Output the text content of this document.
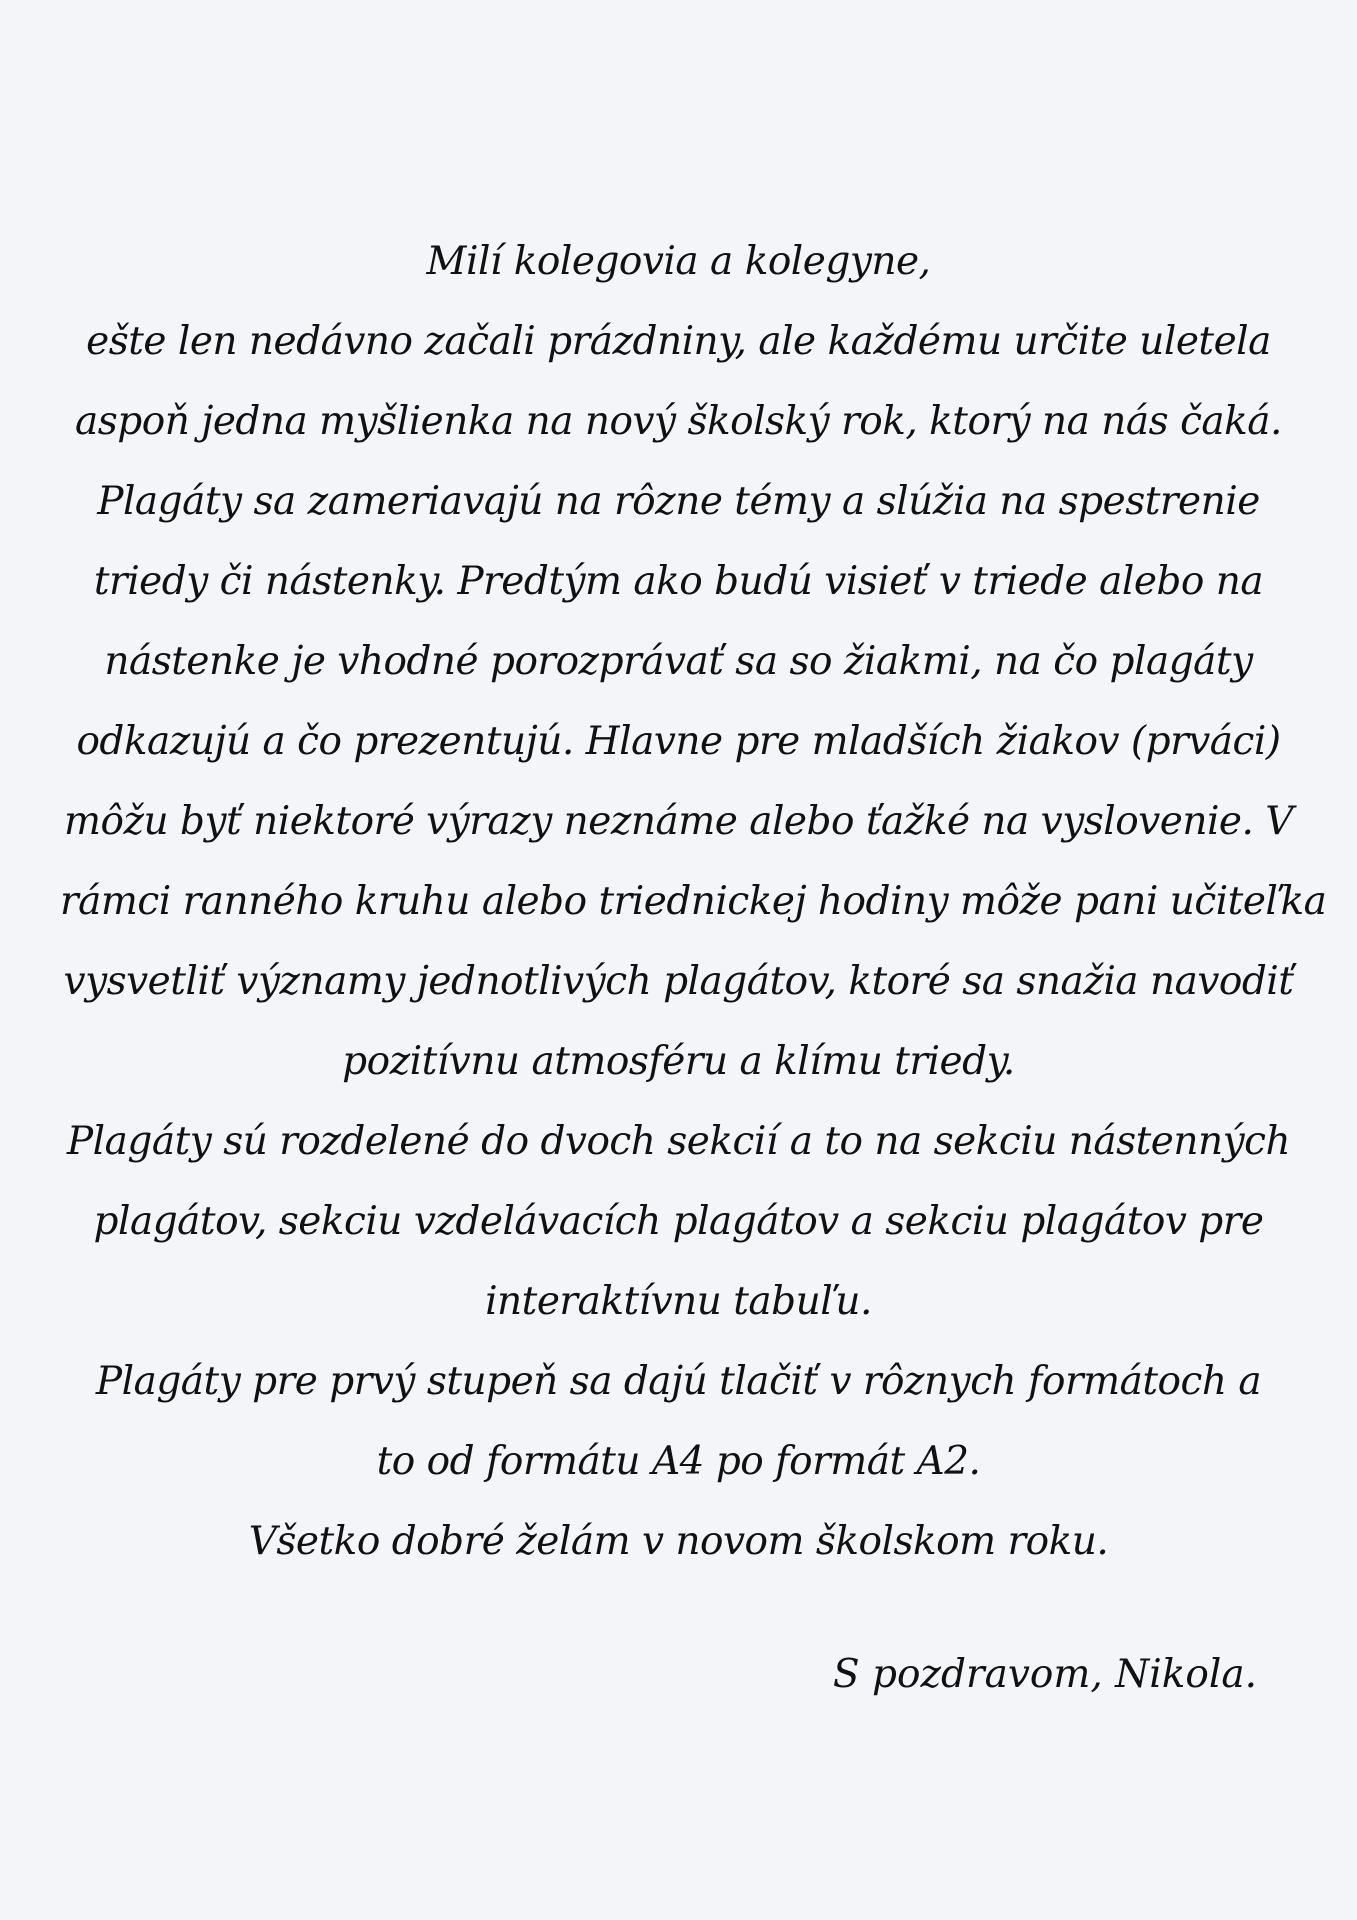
Milí kolegovia a kolegyne,
ešte len nedávno začali prázdniny, ale každému určite uletela
aspoň jedna myšlienka na nový školský rok, ktorý na nás čaká.
Plagáty sa zameriavajú na rôzne témy a slúžia na spestrenie
triedy či nástenky. Predtým ako budú visieť v triede alebo na
nástenke je vhodné porozprávať sa so žiakmi, na čo plagáty
odkazujú a čo prezentujú. Hlavne pre mladších žiakov (prváci)
môžu byť niektoré výrazy neznáme alebo ťažké na vyslovenie. V
rámci ranného kruhu alebo triednickej hodiny môže pani učiteľka
vysvetliť významy jednotlivých plagátov, ktoré sa snažia navodiť
pozitívnu atmosféru a klímu triedy.
Plagáty sú rozdelené do dvoch sekcií a to na sekciu nástenných
plagátov, sekciu vzdelávacích plagátov a sekciu plagátov pre
interaktívnu tabuľu.
Plagáty pre prvý stupeň sa dajú tlačiť v rôznych formátoch a
to od formátu A4 po formát A2.
Všetko dobré želám v novom školskom roku.
S pozdravom, Nikola.
